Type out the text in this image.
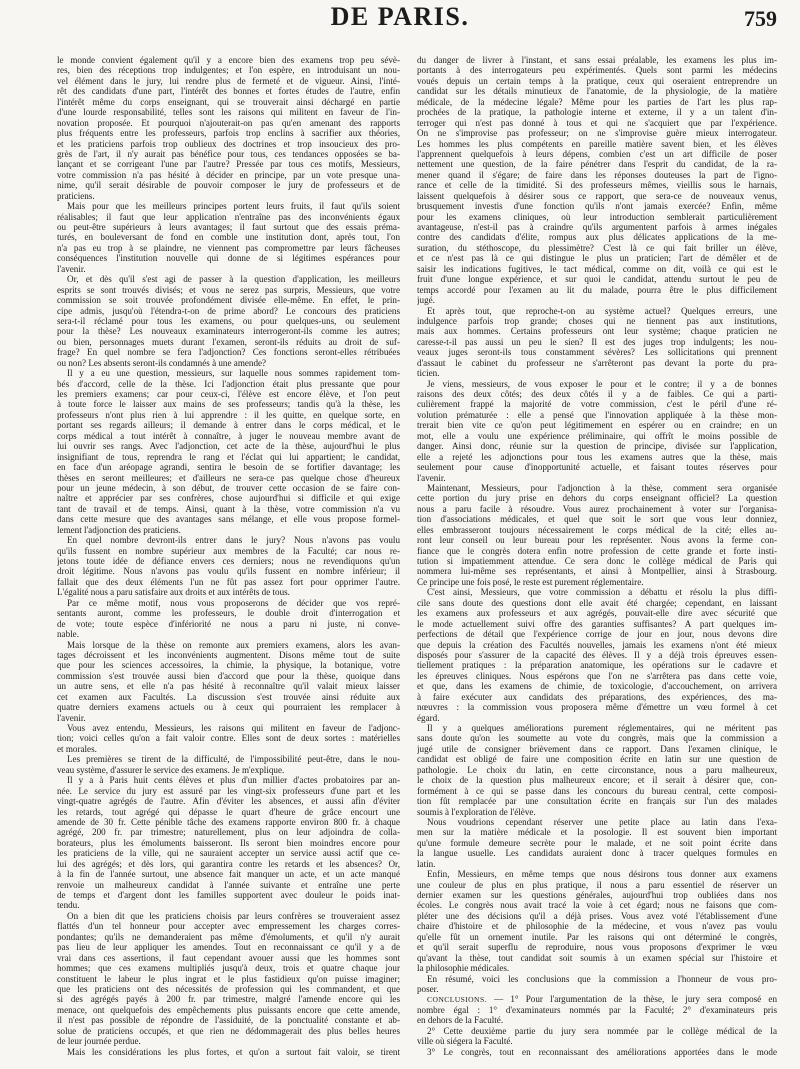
DE PARIS.	759
le monde convient également qu'il y a encore bien des examens trop peu sévè-
res, bien des réceptions trop indulgentes; et l'on espère, en introduisant un nou-
vel élément dans le jury, lui rendre plus de fermeté et de vigueur. Ainsi, l'inté-
rêt des candidats d'une part, l'intérêt des bonnes et fortes études de l'autre, enfin
l'intérêt même du corps enseignant, qui se trouverait ainsi déchargé en partie
d'une lourde responsabilité, telles sont les raisons qui militent en faveur de l'in-
novation proposée. Et pourquoi n'ajouterait-on pas qu'en amenant des rapports
plus fréquents entre les professeurs, parfois trop enclins à sacrifier aux théories,
et les praticiens parfois trop oublieux des doctrines et trop insoucieux des pro-
grès de l'art, il n'y aurait pas bénéfice pour tous, ces tendances opposées se ba-
lançant et se corrigeant l'une par l'autre? Pressée par tous ces motifs, Messieurs,
votre commission n'a pas hésité à décider en principe, par un vote presque una-
nime, qu'il serait désirable de pouvoir composer le jury de professeurs et de
praticiens.
Mais pour que les meilleurs principes portent leurs fruits, il faut qu'ils soient
réalisables; il faut que leur application n'entraîne pas des inconvénients égaux
ou peut-être supérieurs à leurs avantages; il faut surtout que des essais préma-
turés, en bouleversant de fond en comble une institution dont, après tout, l'on
n'a pas eu trop à se plaindre, ne viennent pas compromettre par leurs fâcheuses
conséquences l'institution nouvelle qui donne de si légitimes espérances pour
l'avenir.
Or, et dès qu'il s'est agi de passer à la question d'application, les meilleurs
esprits se sont trouvés divisés; et vous ne serez pas surpris, Messieurs, que votre
commission se soit trouvée profondément divisée elle-même. En effet, le prin-
cipe admis, jusqu'où l'étendra-t-on de prime abord? Le concours des praticiens
sera-t-il réclamé pour tous les examens, ou pour quelques-uns, ou seulement
pour la thèse? Les nouveaux examinateurs interrogeront-ils comme les autres;
ou bien, personnages muets durant l'examen, seront-ils réduits au droit de suf-
frage? En quel nombre se fera l'adjonction? Ces fonctions seront-elles rétribuées
ou non? Les absents seront-ils condamnés à une amende?
Il y a eu une question, messieurs, sur laquelle nous sommes rapidement tom-
bés d'accord, celle de la thèse. Ici l'adjonction était plus pressante que pour
les premiers examens; car pour ceux-ci, l'élève est encore élève, et l'on peut
à toute force le laisser aux mains de ses professeurs; tandis qu'à la thèse, les
professeurs n'ont plus rien à lui apprendre : il les quitte, en quelque sorte, en
portant ses regards ailleurs; il demande à entrer dans le corps médical, et le
corps médical a tout intérêt à connaître, à juger le nouveau membre avant de
lui ouvrir ses rangs. Avec l'adjonction, cet acte de la thèse, aujourd'hui le plus
insignifiant de tous, reprendra le rang et l'éclat qui lui appartient; le candidat,
en face d'un aréopage agrandi, sentira le besoin de se fortifier davantage; les
thèses en seront meilleures; et d'ailleurs ne sera-ce pas quelque chose d'heureux
pour un jeune médecin, à son début, de trouver cette occasion de se faire con-
naître et apprécier par ses confrères, chose aujourd'hui si difficile et qui exige
tant de travail et de temps. Ainsi, quant à la thèse, votre commission n'a vu
dans cette mesure que des avantages sans mélange, et elle vous propose formel-
lement l'adjonction des praticiens.
En quel nombre devront-ils entrer dans le jury? Nous n'avons pas voulu
qu'ils fussent en nombre supérieur aux membres de la Faculté; car nous re-
jetons toute idée de défiance envers ces derniers; nous ne revendiquons qu'un
droit légitime. Nous n'avons pas voulu qu'ils fussent en nombre inférieur; il
fallait que des deux éléments l'un ne fût pas assez fort pour opprimer l'autre.
L'égalité nous a paru satisfaire aux droits et aux intérêts de tous.
Par ce même motif, nous vous proposerons de décider que vos repré-
sentants auront, comme les professeurs, le double droit d'interrogation et
de vote; toute espèce d'infériorité ne nous a paru ni juste, ni conve-
nable.
Mais lorsque de la thèse on remonte aux premiers examens, alors les avan-
tages décroissent et les inconvénients augmentent. Disons même tout de suite
que pour les sciences accessoires, la chimie, la physique, la botanique, votre
commission s'est trouvée aussi bien d'accord que pour la thèse, quoique dans
un autre sens, et elle n'a pas hésité à reconnaître qu'il valait mieux laisser
cet examen aux Facultés. La discussion s'est trouvée ainsi réduite aux
quatre derniers examens actuels ou à ceux qui pourraient les remplacer à
l'avenir.
Vous avez entendu, Messieurs, les raisons qui militent en faveur de l'adjonc-
tion; voici celles qu'on a fait valoir contre. Elles sont de deux sortes : matérielles
et morales.
Les premières se tirent de la difficulté, de l'impossibilité peut-être, dans le nou-
veau système, d'assurer le service des examens. Je m'explique.
Il y a à Paris huit cents élèves et plus d'un millier d'actes probatoires par an-
née. Le service du jury est assuré par les vingt-six professeurs d'une part et les
vingt-quatre agrégés de l'autre. Afin d'éviter les absences, et aussi afin d'éviter
les retards, tout agrégé qui dépasse le quart d'heure de grâce encourt une
amende de 30 fr. Cette pénible tâche des examens rapporte environ 800 fr. à chaque
agrégé, 200 fr. par trimestre; naturellement, plus on leur adjoindra de colla-
borateurs, plus les émoluments baisseront. Ils seront bien moindres encore pour
les praticiens de la ville, qui ne sauraient accepter un service aussi actif que ce-
lui des agrégés; et dès lors, qui garantira contre les retards et les absences? Or,
à la fin de l'année surtout, une absence fait manquer un acte, et un acte manqué
renvoie un malheureux candidat à l'année suivante et entraîne une perte
de temps et d'argent dont les familles supportent avec douleur le poids inat-
tendu.
On a bien dit que les praticiens choisis par leurs confrères se trouveraient assez
flattés d'un tel honneur pour accepter avec empressement les charges corres-
pondantes; qu'ils ne demanderaient pas même d'émoluments, et qu'il n'y aurait
pas lieu de leur appliquer les amendes. Tout en reconnaissant ce qu'il y a de
vrai dans ces assertions, il faut cependant avouer aussi que les hommes sont
hommes; que ces examens multipliés jusqu'à deux, trois et quatre chaque jour
constituent le labeur le plus ingrat et le plus fastidieux qu'on puisse imaginer;
que les praticiens ont des nécessités de profession qui les commandent, et que
si des agrégés payés à 200 fr. par trimestre, malgré l'amende encore qui les
menace, ont quelquefois des empêchements plus puissants encore que cette amende,
il n'est pas possible de répondre de l'assiduité, de la ponctualité constante et ab-
solue de praticiens occupés, et que rien ne dédommagerait des plus belles heures
de leur journée perdue.
Mais les considérations les plus fortes, et qu'on a surtout fait valoir, se tirent
du danger de livrer à l'instant, et sans essai préalable, les examens les plus im-
portants à des interrogateurs peu expérimentés. Quels sont parmi les médecins
voués depuis un certain temps à la pratique, ceux qui oseraient entreprendre un
candidat sur les détails minutieux de l'anatomie, de la physiologie, de la matière
médicale, de la médecine légale? Même pour les parties de l'art les plus rap-
prochées de la pratique, la pathologie interne et externe, il y a un talent d'in-
terroger qui n'est pas donné à tous et qui ne s'acquiert que par l'expérience.
On ne s'improvise pas professeur; on ne s'improvise guère mieux interrogateur.
Les hommes les plus compétents en pareille matière savent bien, et les élèves
l'apprennent quelquefois à leurs dépens, combien c'est un art difficile de poser
nettement une question, de la faire pénétrer dans l'esprit du candidat, de la ra-
mener quand il s'égare; de faire dans les réponses douteuses la part de l'igno-
rance et celle de la timidité. Si des professeurs mêmes, vieillis sous le harnais,
laissent quelquefois à désirer sous ce rapport, que sera-ce de nouveaux venus,
brusquement investis d'une fonction qu'ils n'ont jamais exercée? Enfin, même
pour les examens cliniques, où leur introduction semblerait particulièrement
avantageuse, n'est-il pas à craindre qu'ils argumentent parfois à armes inégales
contre des candidats d'élite, rompus aux plus délicates applications de la me-
suration, du stéthoscope, du plessimètre? C'est là ce qui fait briller un élève,
et ce n'est pas là ce qui distingue le plus un praticien; l'art de démêler et de
saisir les indications fugitives, le tact médical, comme on dit, voilà ce qui est le
fruit d'une longue expérience, et sur quoi le candidat, attendu surtout le peu de
temps accordé pour l'examen au lit du malade, pourra être le plus difficilement
jugé.
Et après tout, que reproche-t-on au système actuel? Quelques erreurs, une
indulgence parfois trop grande; choses qui ne tiennent pas aux institutions,
mais aux hommes. Certains professeurs ont leur système; chaque praticien ne
caresse-t-il pas aussi un peu le sien? Il est des juges trop indulgents; les nou-
veaux juges seront-ils tous constamment sévères? Les sollicitations qui prennent
d'assaut le cabinet du professeur ne s'arrêteront pas devant la porte du pra-
ticien.
Je viens, messieurs, de vous exposer le pour et le contre; il y a de bonnes
raisons des deux côtés; des deux côtés il y a de faibles. Ce qui a parti-
culièrement frappé la majorité de votre commission, c'est le péril d'une ré-
volution prématurée : elle a pensé que l'innovation appliquée à la thèse mon-
trerait bien vite ce qu'on peut légitimement en espérer ou en craindre; en un
mot, elle a voulu une expérience préliminaire, qui offrît le moins possible de
danger. Ainsi donc, réunie sur la question de principe, divisée sur l'application,
elle a rejeté les adjonctions pour tous les examens autres que la thèse, mais
seulement pour cause d'inopportunité actuelle, et faisant toutes réserves pour
l'avenir.
Maintenant, Messieurs, pour l'adjonction à la thèse, comment sera organisée
cette portion du jury prise en dehors du corps enseignant officiel? La question
nous a paru facile à résoudre. Vous aurez prochainement à voter sur l'organisa-
tion d'associations médicales, et quel que soit le sort que vous leur donniez,
elles embrasseront toujours nécessairement le corps médical de la cité; elles au-
ront leur conseil ou leur bureau pour les représenter. Nous avons la ferme con-
fiance que le congrès dotera enfin notre profession de cette grande et forte insti-
tution si impatiemment attendue. Ce sera donc le collège médical de Paris qui
nommera lui-même ses représentants, et ainsi à Montpellier, ainsi à Strasbourg.
Ce principe une fois posé, le reste est purement réglementaire.
C'est ainsi, Messieurs, que votre commission a débattu et résolu la plus diffi-
cile sans doute des questions dont elle avait été chargée; cependant, en laissant
les examens aux professeurs et aux agrégés, pouvait-elle dire avec sécurité que
le mode actuellement suivi offre des garanties suffisantes? A part quelques im-
perfections de détail que l'expérience corrige de jour en jour, nous devons dire
que depuis la création des Facultés nouvelles, jamais les examens n'ont été mieux
disposés pour s'assurer de la capacité des élèves. Il y a déjà trois épreuves essen-
tiellement pratiques : la préparation anatomique, les opérations sur le cadavre et
les épreuves cliniques. Nous espérons que l'on ne s'arrêtera pas dans cette voie,
et que, dans les examens de chimie, de toxicologie, d'accouchement, on arrivera
à faire exécuter aux candidats des préparations, des expériences, des ma-
nœuvres : la commission vous proposera même d'émettre un vœu formel à cet
égard.
Il y a quelques améliorations purement réglementaires, qui ne méritent pas
sans doute qu'on les soumette au vote du congrès, mais que la commission a
jugé utile de consigner brièvement dans ce rapport. Dans l'examen clinique, le
candidat est obligé de faire une composition écrite en latin sur une question de
pathologie. Le choix du latin, en cette circonstance, nous a paru malheureux,
le choix de la question plus malheureux encore; et il serait à désirer que, con-
formément à ce qui se passe dans les concours du bureau central, cette composi-
tion fût remplacée par une consultation écrite en français sur l'un des malades
soumis à l'exploration de l'élève.
Nous voudrions cependant réserver une petite place au latin dans l'exa-
men sur la matière médicale et la posologie. Il est souvent bien important
qu'une formule demeure secrète pour le malade, et ne soit point écrite dans
la langue usuelle. Les candidats auraient donc à tracer quelques formules en
latin.
Enfin, Messieurs, en même temps que nous désirons tous donner aux examens
une couleur de plus en plus pratique, il nous a paru essentiel de réserver un
dernier examen sur les questions générales, aujourd'hui trop oubliées dans nos
écoles. Le congrès nous avait tracé la voie à cet égard; nous ne faisons que com-
pléter une des décisions qu'il a déjà prises. Vous avez voté l'établissement d'une
chaire d'histoire et de philosophie de la médecine, et vous n'avez pas voulu
qu'elle fût un ornement inutile. Par les raisons qui ont déterminé le congrès,
et qu'il serait superflu de reproduire, nous vous proposons d'exprimer le vœu
qu'avant la thèse, tout candidat soit soumis à un examen spécial sur l'histoire et
la philosophie médicales.
En résumé, voici les conclusions que la commission a l'honneur de vous pro-
poser.
CONCLUSIONS. — 1° Pour l'argumentation de la thèse, le jury sera composé en
nombre égal : 1° d'examinateurs nommés par la Faculté; 2° d'examinateurs pris
en dehors de la Faculté.
2° Cette deuxième partie du jury sera nommée par le collège médical de la
ville où siégera la Faculté.
3° Le congrès, tout en reconnaissant des améliorations apportées dans le mode
